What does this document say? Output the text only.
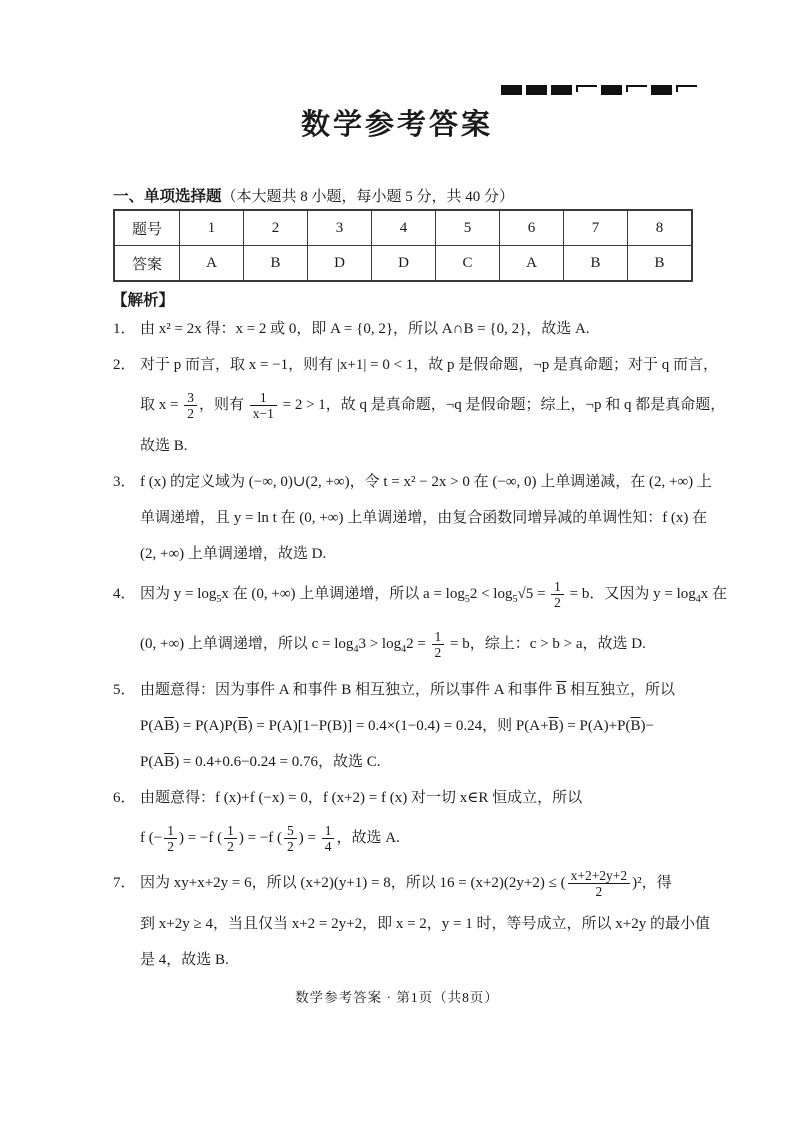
数学参考答案
一、单项选择题（本大题共 8 小题，每小题 5 分，共 40 分）
题号	1	2	3	4	5	6	7	8
答案	A	B	D	D	C	A	B	B
【解析】
1． 由 x² = 2x 得：x = 2 或 0，即 A = {0, 2}，所以 A∩B = {0, 2}，故选 A.
2． 对于 p 而言，取 x = −1，则有 |x+1| = 0 < 1，故 p 是假命题，¬p 是真命题；对于 q 而言，
取 $x = \frac{3}{2}$ ，则有 $\frac{1}{x-1} = 2 > 1$，故 q 是真命题，¬q 是假命题；综上，¬p 和 q 都是真命题，
故选 B.
3． f (x) 的定义域为 (−∞, 0)∪(2, +∞)，令 t = x² − 2x > 0 在 (−∞, 0) 上单调递减，在 (2, +∞) 上
单调递增，且 y = ln t 在 (0, +∞) 上单调递增，由复合函数同增异减的单调性知：f (x) 在
(2, +∞) 上单调递增，故选 D.
4． 因为 $y = \log_5x$ 在 (0, +∞) 上单调递增，所以 $a = \log_52 < \log_5√5 = \frac{1}{2} = b$．又因为 $y = \log_4x$ 在
(0, +∞) 上单调递增，所以 $c = \log_43 > \log_42 = \frac{1}{2} = b$，综上：c > b > a，故选 D.
5． 由题意得：因为事件 A 和事件 B 相互独立，所以事件 A 和事件 $\overline{B}$ 相互独立，所以
$P(A\overline{B}) = P(A)P(\overline{B}) = P(A)[1-P(B)] = 0.4\times(1-0.4) = 0.24$，则 $P(A+\overline{B}) = P(A)+P(\overline{B})-$
$P(A\overline{B}) = 0.4+0.6-0.24 = 0.76$，故选 C.
6． 由题意得：f (x)+f (−x) = 0，f (x+2) = f (x) 对一切 x∈R 恒成立，所以
f (− $\frac{1}{2}$ ) = −f ( $\frac{1}{2}$ ) = −f ( $\frac{5}{2}$ ) = $\frac{1}{4}$ ，故选 A.
7． 因为 xy+x+2y = 6，所以 (x+2)(y+1) = 8，所以 16 = (x+2)(2y+2) ≤ ( $\frac{x+2+2y+2}{2} )^2$，得
到 x+2y ≥ 4，当且仅当 x+2 = 2y+2，即 x = 2，y = 1 时，等号成立，所以 x+2y 的最小值
是 4，故选 B.
数学参考答案 · 第1页（共8页）
